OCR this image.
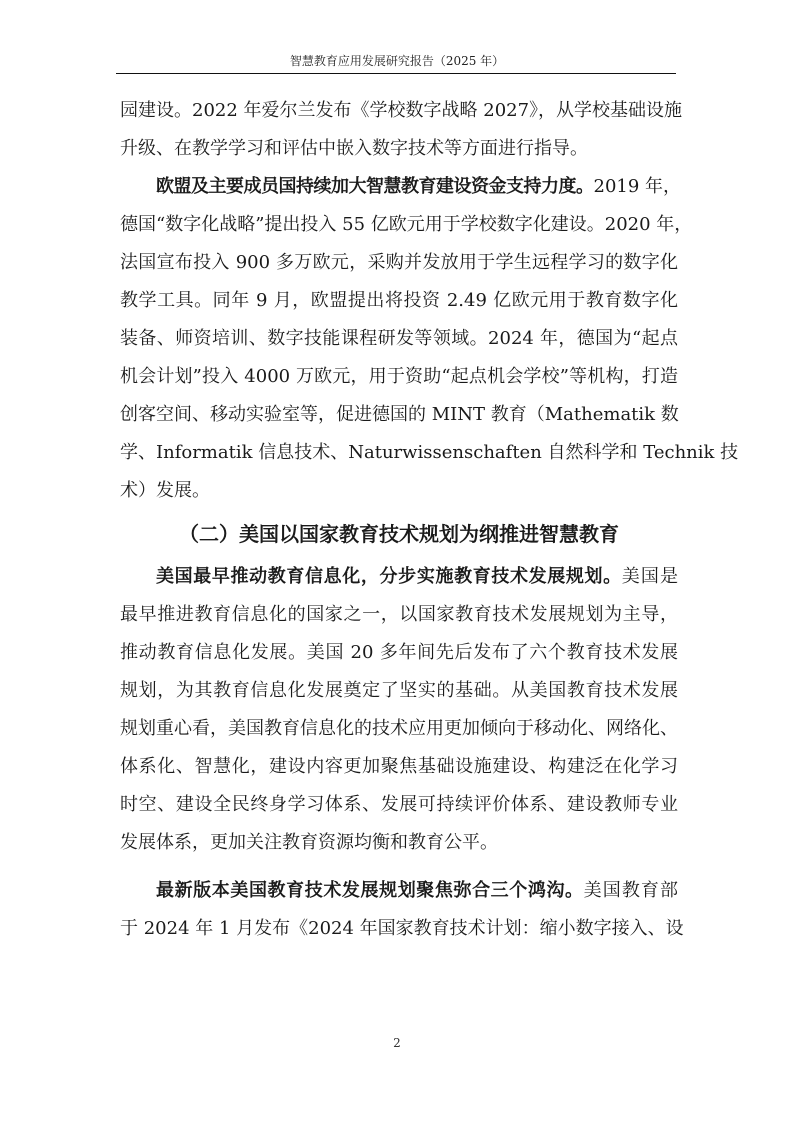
智慧教育应用发展研究报告（2025 年）
园建设。2022 年爱尔兰发布《学校数字战略 2027》，从学校基础设施
升级、在教学学习和评估中嵌入数字技术等方面进行指导。
欧盟及主要成员国持续加大智慧教育建设资金支持力度。2019 年，
德国“数字化战略”提出投入 55 亿欧元用于学校数字化建设。2020 年，
法国宣布投入 900 多万欧元，采购并发放用于学生远程学习的数字化
教学工具。同年 9 月，欧盟提出将投资 2.49 亿欧元用于教育数字化
装备、师资培训、数字技能课程研发等领域。2024 年，德国为“起点
机会计划”投入 4000 万欧元，用于资助“起点机会学校”等机构，打造
创客空间、移动实验室等，促进德国的 MINT 教育（Mathematik 数
学、Informatik 信息技术、Naturwissenschaften 自然科学和 Technik 技
术）发展。
（二）美国以国家教育技术规划为纲推进智慧教育
美国最早推动教育信息化，分步实施教育技术发展规划。美国是
最早推进教育信息化的国家之一，以国家教育技术发展规划为主导，
推动教育信息化发展。美国 20 多年间先后发布了六个教育技术发展
规划，为其教育信息化发展奠定了坚实的基础。从美国教育技术发展
规划重心看，美国教育信息化的技术应用更加倾向于移动化、网络化、
体系化、智慧化，建设内容更加聚焦基础设施建设、构建泛在化学习
时空、建设全民终身学习体系、发展可持续评价体系、建设教师专业
发展体系，更加关注教育资源均衡和教育公平。
最新版本美国教育技术发展规划聚焦弥合三个鸿沟。美国教育部
于 2024 年 1 月发布《2024 年国家教育技术计划：缩小数字接入、设
2
